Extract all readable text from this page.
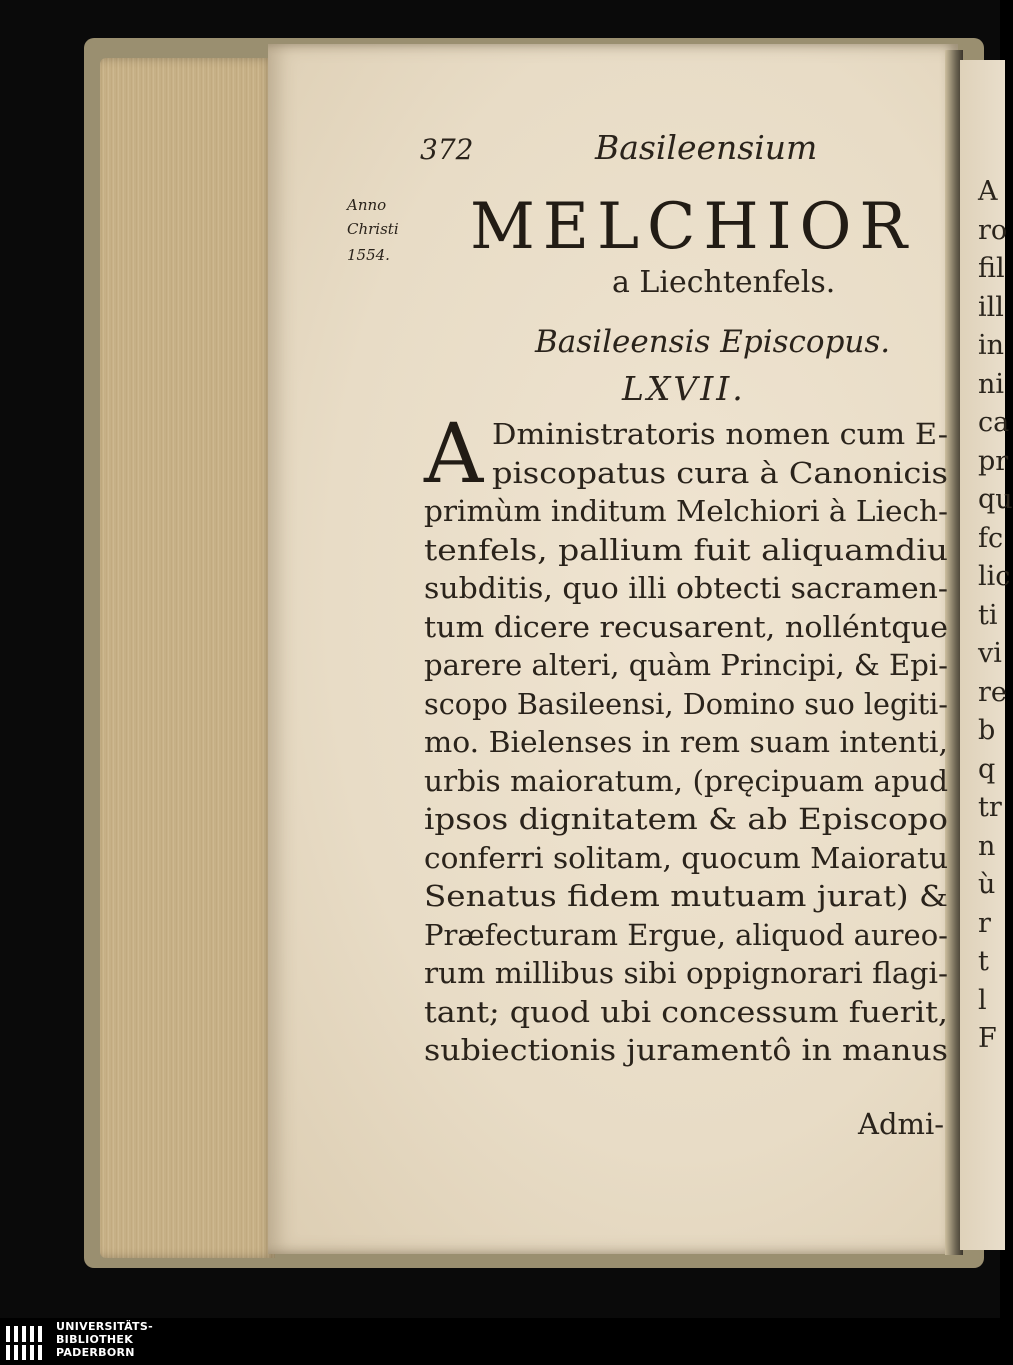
A
ro
fil
ill
in
ni
ca
pr
qu
fc
lic
ti
vi
re
b
q
tr
n
ù
r
t
l
F
372	Basileensium
Anno
Christi
1554. MELCHIOR
a Liechtenfels.
Basileensis Episcopus.
LXVII.
A Dministratoris nomen cum E-
piscopatus cura à Canonicis
primùm inditum Melchiori à Liech-
tenfels, pallium fuit aliquamdiu
subditis, quo illi obtecti sacramen-
tum dicere recusarent, nolléntque
parere alteri, quàm Principi, & Epi-
scopo Basileensi, Domino suo legiti-
mo. Bielenses in rem suam intenti,
urbis maioratum, (pręcipuam apud
ipsos dignitatem & ab Episcopo
conferri solitam, quocum Maioratu
Senatus fidem mutuam jurat) &
Præfecturam Ergue, aliquod aureo-
rum millibus sibi oppignorari flagi-
tant; quod ubi concessum fuerit,
subiectionis juramentô in manus
Admi-
UNIVERSITÄTS-
BIBLIOTHEK
PADERBORN
